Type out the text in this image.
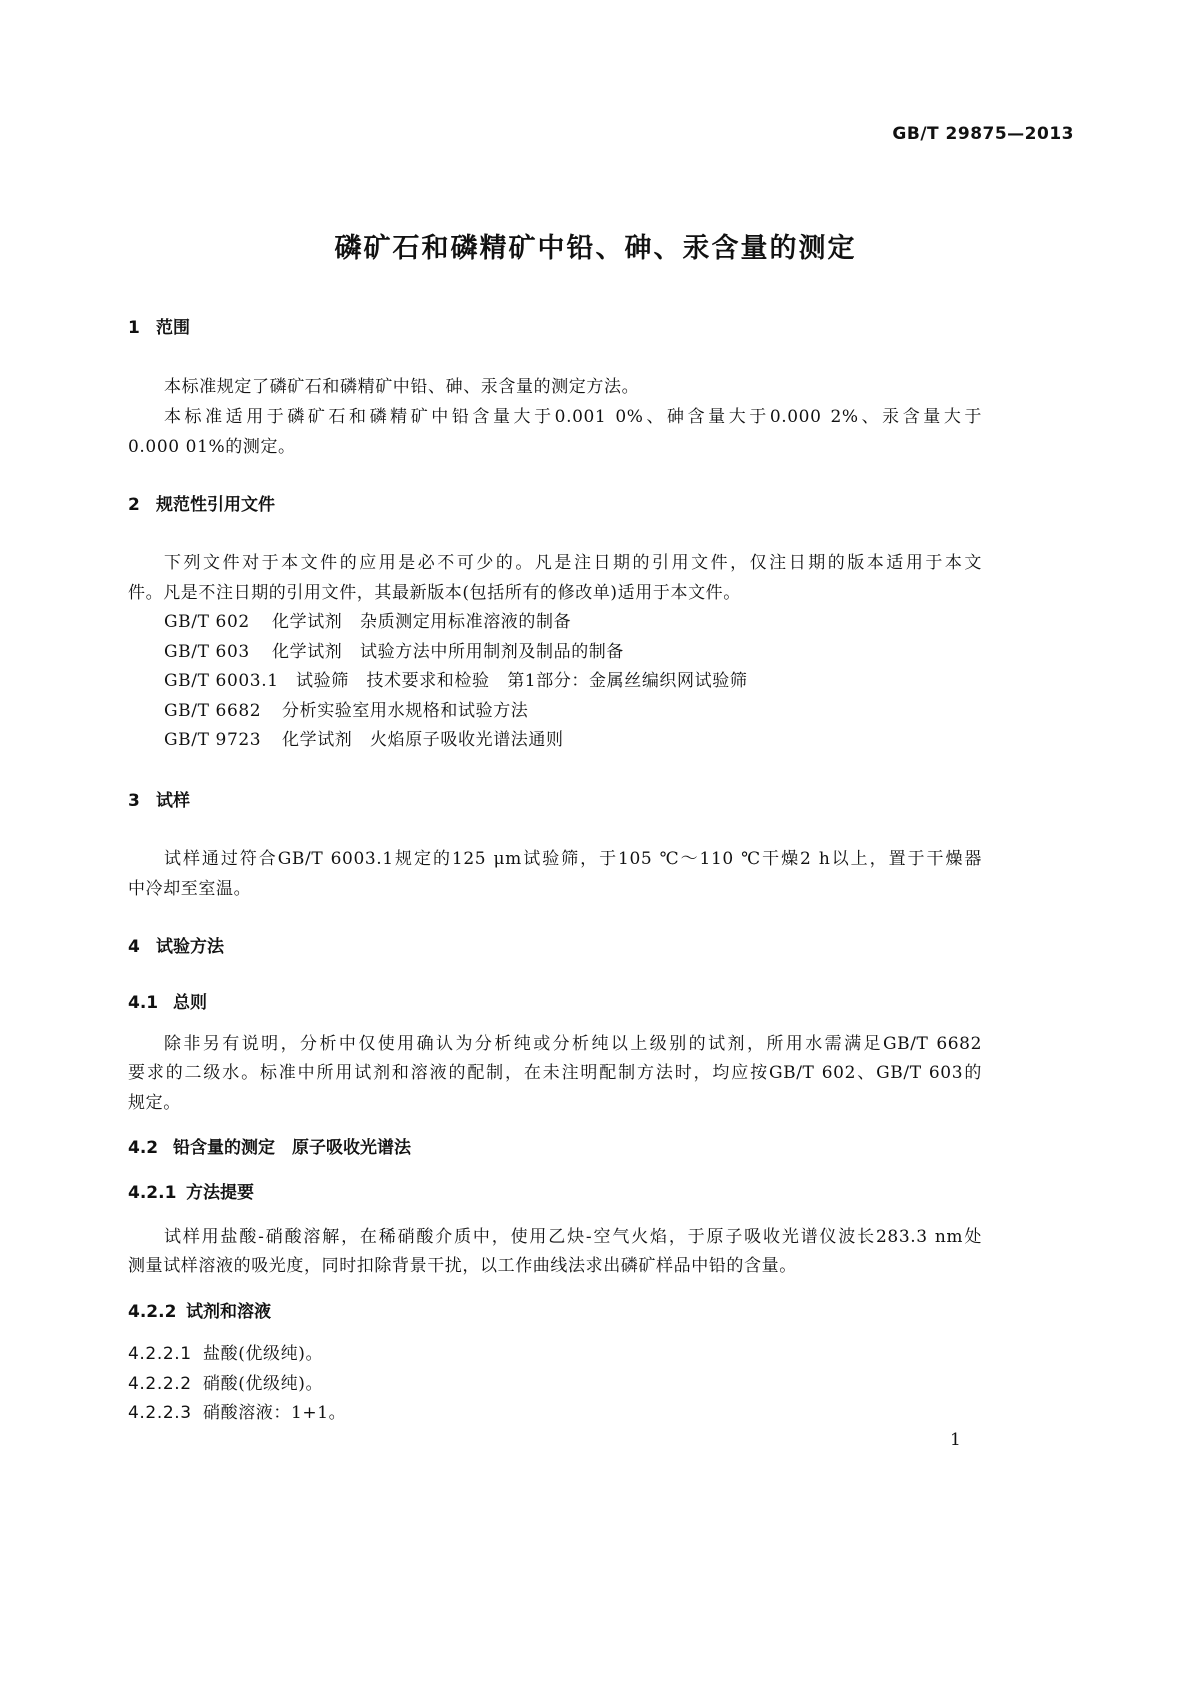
GB/T 29875—2013
磷矿石和磷精矿中铅、砷、汞含量的测定
1 范围
本标准规定了磷矿石和磷精矿中铅、砷、汞含量的测定方法。
本标准适用于磷矿石和磷精矿中铅含量大于0.001 0%、砷含量大于0.000 2%、汞含量大于
0.000 01%的测定。
2 规范性引用文件
下列文件对于本文件的应用是必不可少的。凡是注日期的引用文件，仅注日期的版本适用于本文
件。凡是不注日期的引用文件，其最新版本(包括所有的修改单)适用于本文件。
GB/T 602 化学试剂　杂质测定用标准溶液的制备
GB/T 603 化学试剂　试验方法中所用制剂及制品的制备
GB/T 6003.1 试验筛　技术要求和检验　第1部分：金属丝编织网试验筛
GB/T 6682 分析实验室用水规格和试验方法
GB/T 9723 化学试剂　火焰原子吸收光谱法通则
3 试样
试样通过符合GB/T 6003.1规定的125 μm试验筛，于105 ℃～110 ℃干燥2 h以上，置于干燥器
中冷却至室温。
4 试验方法
4.1 总则
除非另有说明，分析中仅使用确认为分析纯或分析纯以上级别的试剂，所用水需满足GB/T 6682
要求的二级水。标准中所用试剂和溶液的配制，在未注明配制方法时，均应按GB/T 602、GB/T 603的
规定。
4.2 铅含量的测定　原子吸收光谱法
4.2.1 方法提要
试样用盐酸-硝酸溶解，在稀硝酸介质中，使用乙炔-空气火焰，于原子吸收光谱仪波长283.3 nm处
测量试样溶液的吸光度，同时扣除背景干扰，以工作曲线法求出磷矿样品中铅的含量。
4.2.2 试剂和溶液
4.2.2.1 盐酸(优级纯)。
4.2.2.2 硝酸(优级纯)。
4.2.2.3 硝酸溶液：1+1。
1
